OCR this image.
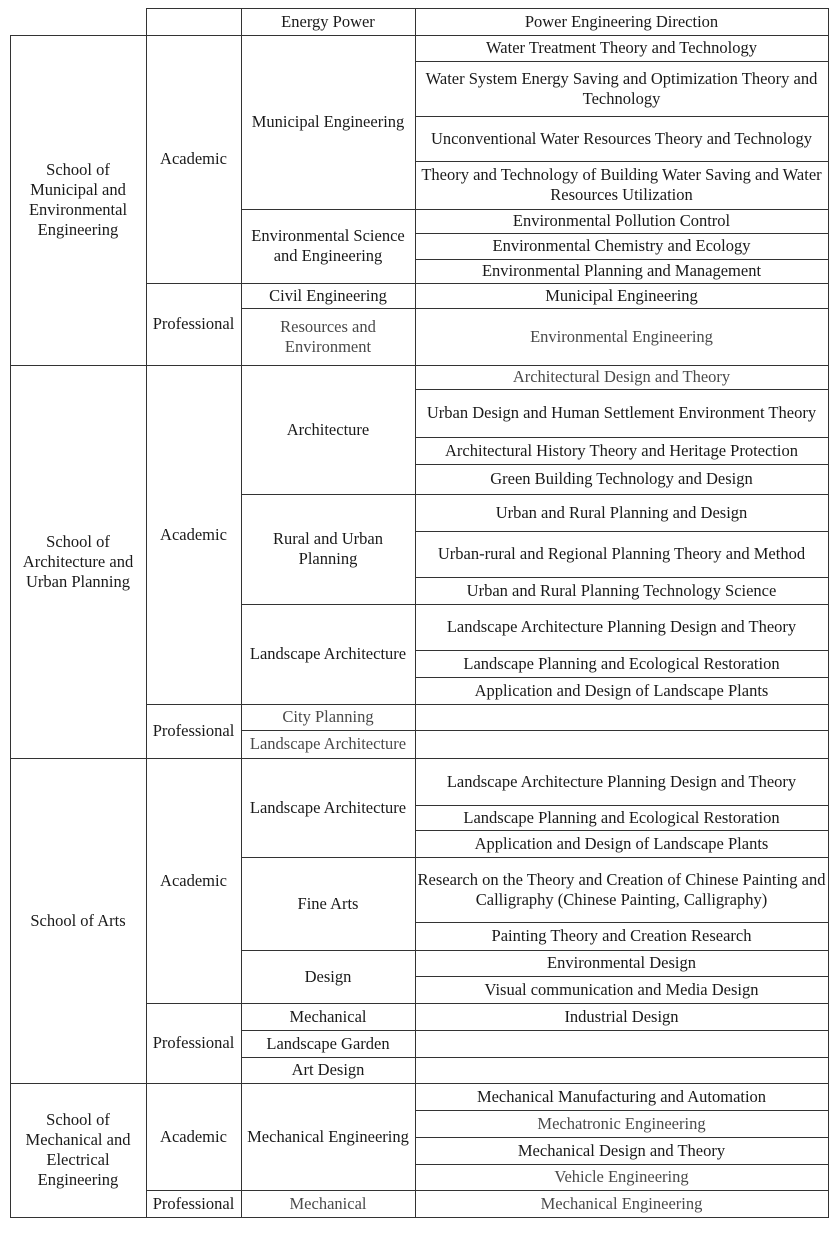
School of Municipal and Environmental Engineering
School of Architecture and Urban Planning
School of Arts
School of Mechanical and Electrical Engineering
Academic
Professional
Academic
Professional
Academic
Professional
Academic
Professional
Energy Power
Municipal Engineering
Environmental Science and Engineering
Civil Engineering
Resources and Environment
Architecture
Rural and Urban Planning
Landscape Architecture
City Planning
Landscape Architecture
Landscape Architecture
Fine Arts
Design
Mechanical
Landscape Garden
Art Design
Mechanical Engineering
Mechanical
Power Engineering Direction
Water Treatment Theory and Technology
Water System Energy Saving and Optimization Theory and Technology
Unconventional Water Resources Theory and Technology
Theory and Technology of Building Water Saving and Water Resources Utilization
Environmental Pollution Control
Environmental Chemistry and Ecology
Environmental Planning and Management
Municipal Engineering
Environmental Engineering
Architectural Design and Theory
Urban Design and Human Settlement Environment Theory
Architectural History Theory and Heritage Protection
Green Building Technology and Design
Urban and Rural Planning and Design
Urban-rural and Regional Planning Theory and Method
Urban and Rural Planning Technology Science
Landscape Architecture Planning Design and Theory
Landscape Planning and Ecological Restoration
Application and Design of Landscape Plants
Landscape Architecture Planning Design and Theory
Landscape Planning and Ecological Restoration
Application and Design of Landscape Plants
Research on the Theory and Creation of Chinese Painting and Calligraphy (Chinese Painting, Calligraphy)
Painting Theory and Creation Research
Environmental Design
Visual communication and Media Design
Industrial Design
Mechanical Manufacturing and Automation
Mechatronic Engineering
Mechanical Design and Theory
Vehicle Engineering
Mechanical Engineering
